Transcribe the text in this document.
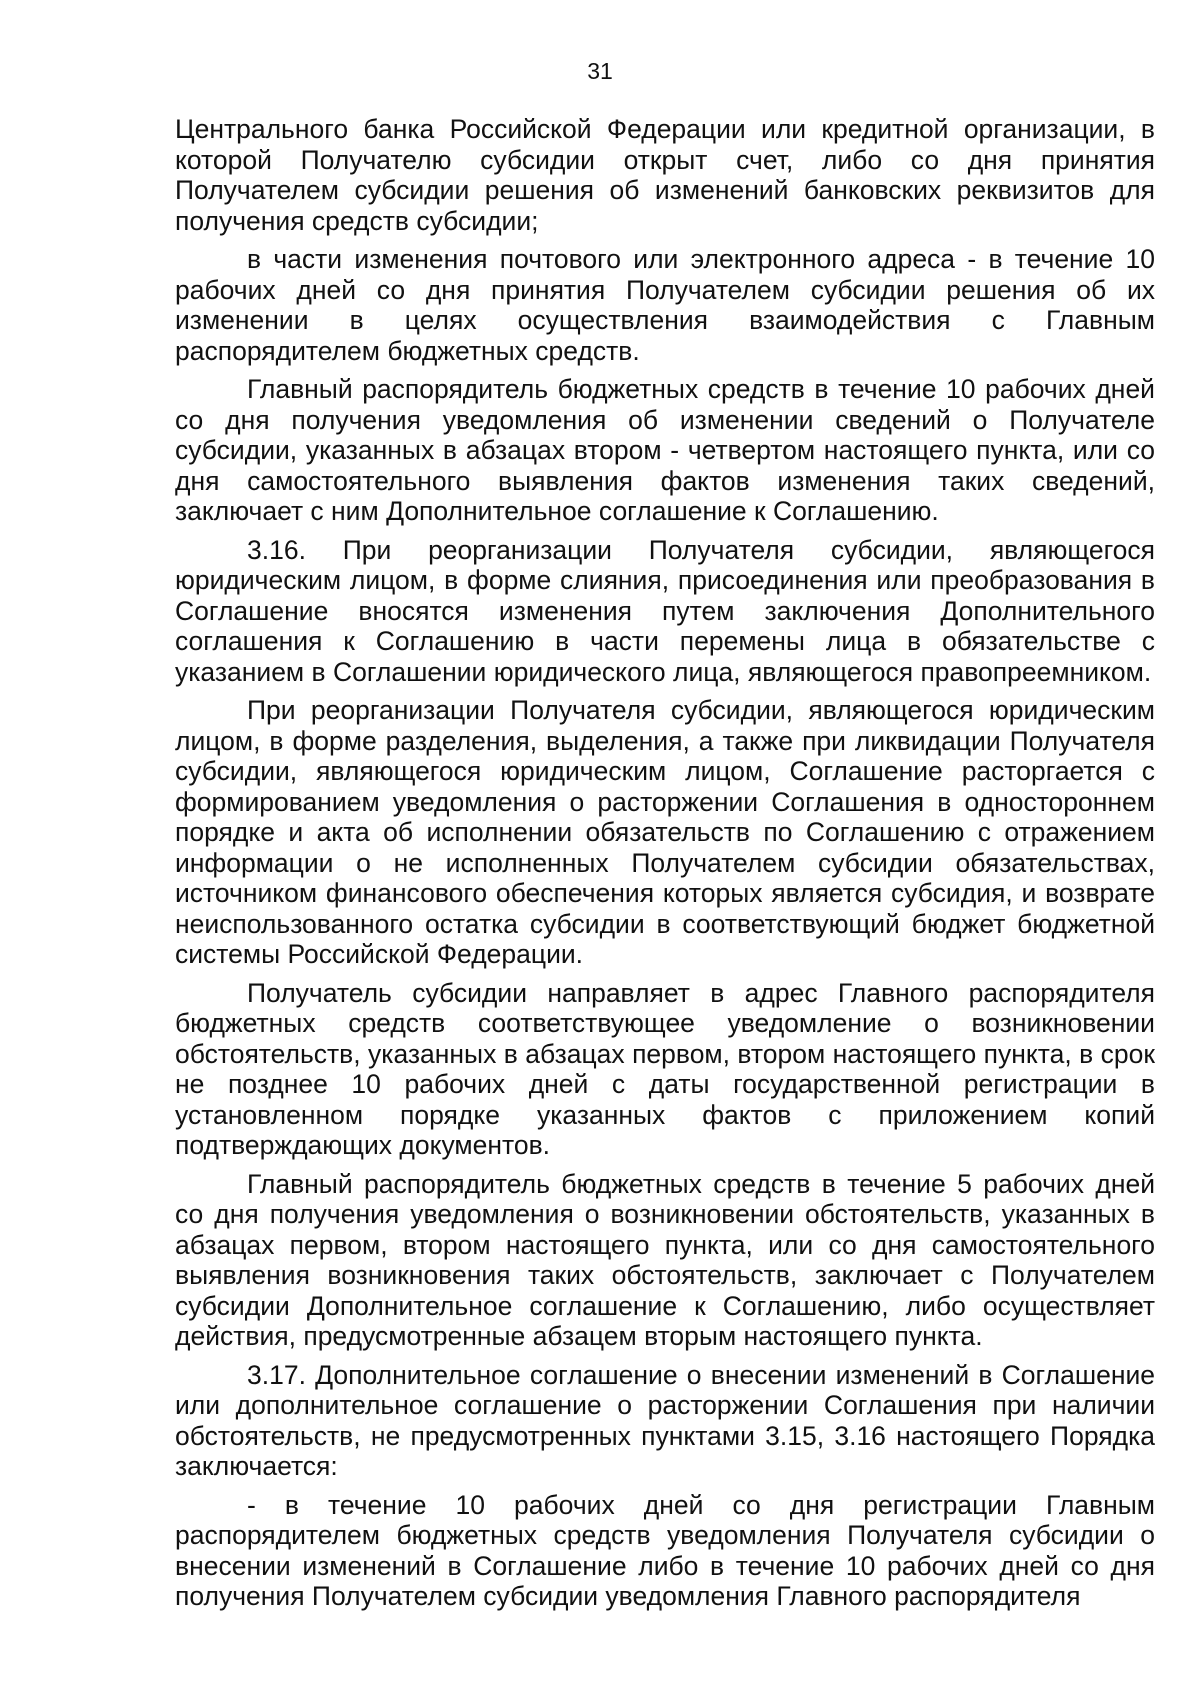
31

Центрального банка Российской Федерации или кредитной организации, в которой Получателю субсидии открыт счет, либо со дня принятия Получателем субсидии решения об изменений банковских реквизитов для получения средств субсидии;

в части изменения почтового или электронного адреса - в течение 10 рабочих дней со дня принятия Получателем субсидии решения об их изменении в целях осуществления взаимодействия с Главным распорядителем бюджетных средств.

Главный распорядитель бюджетных средств в течение 10 рабочих дней со дня получения уведомления об изменении сведений о Получателе субсидии, указанных в абзацах втором - четвертом настоящего пункта, или со дня самостоятельного выявления фактов изменения таких сведений, заключает с ним Дополнительное соглашение к Соглашению.

3.16. При реорганизации Получателя субсидии, являющегося юридическим лицом, в форме слияния, присоединения или преобразования в Соглашение вносятся изменения путем заключения Дополнительного соглашения к Соглашению в части перемены лица в обязательстве с указанием в Соглашении юридического лица, являющегося правопреемником.

При реорганизации Получателя субсидии, являющегося юридическим лицом, в форме разделения, выделения, а также при ликвидации Получателя субсидии, являющегося юридическим лицом, Соглашение расторгается с формированием уведомления о расторжении Соглашения в одностороннем порядке и акта об исполнении обязательств по Соглашению с отражением информации о не исполненных Получателем субсидии обязательствах, источником финансового обеспечения которых является субсидия, и возврате неиспользованного остатка субсидии в соответствующий бюджет бюджетной системы Российской Федерации.

Получатель субсидии направляет в адрес Главного распорядителя бюджетных средств соответствующее уведомление о возникновении обстоятельств, указанных в абзацах первом, втором настоящего пункта, в срок не позднее 10 рабочих дней с даты государственной регистрации в установленном порядке указанных фактов с приложением копий подтверждающих документов.

Главный распорядитель бюджетных средств в течение 5 рабочих дней со дня получения уведомления о возникновении обстоятельств, указанных в абзацах первом, втором настоящего пункта, или со дня самостоятельного выявления возникновения таких обстоятельств, заключает с Получателем субсидии Дополнительное соглашение к Соглашению, либо осуществляет действия, предусмотренные абзацем вторым настоящего пункта.

3.17. Дополнительное соглашение о внесении изменений в Соглашение или дополнительное соглашение о расторжении Соглашения при наличии обстоятельств, не предусмотренных пунктами 3.15, 3.16 настоящего Порядка заключается:

- в течение 10 рабочих дней со дня регистрации Главным распорядителем бюджетных средств уведомления Получателя субсидии о внесении изменений в Соглашение либо в течение 10 рабочих дней со дня получения Получателем субсидии уведомления Главного распорядителя
